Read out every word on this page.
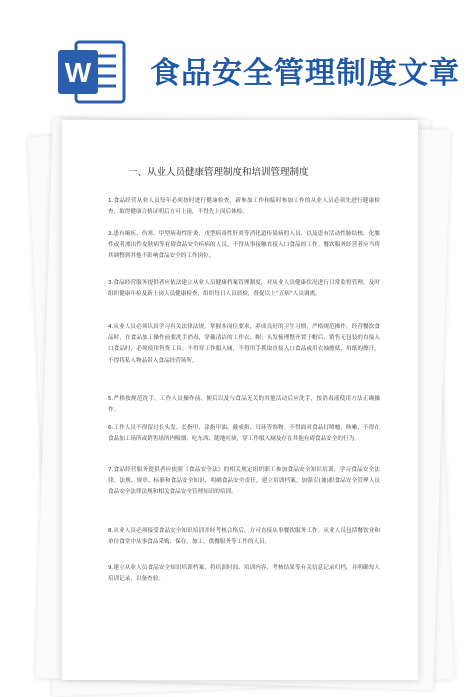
W 食品安全管理制度文章
一、从业人员健康管理制度和培训管理制度
1.食品经营从业人员每年必须按时进行健康检查，新参加工作和临时参加工作的从业人员必须先进行健康检查，取得健康合格证明后方可上岗，不得先上岗后体检。
2.患有痢疾、伤寒、甲型病毒性肝炎、戊型病毒性肝炎等消化道传染病的人员，以及患有活动性肺结核、化脓性或者渗出性皮肤病等有碍食品安全疾病的人员，不得从事接触直接入口食品的工作。餐饮服务经营者应当将其调整到其他不影响食品安全的工作岗位。
3.食品经营服务提供者应依法建立从业人员健康档案管理制度，对从业人员健康状况进行日常监督管理，及时组织健康年检及新上岗人员健康检查，组织每日人员晨检，督促以上“五病”人员调离。
4.从业人员必须认真学习有关法律法规，掌握本岗位要求，养成良好的卫生习惯，严格规范操作。经营餐饮食品时，在食品加工操作前要洗手消毒，穿戴清洁的工作衣、帽；头发梳理整齐置于帽后，销售无包装的直接入口食品时，必须使用售货工具；不得穿工作服入厕，不得用手抓取直接入口食品或用衣袖擦拭，用纸的擦汗，不得将私人物品带入食品经营场所。
5.严格按规范洗手，工作人员操作前、便后以及与食品无关的其他活动后应洗手，按消毒液使用方法正确操作。
6.工作人员不得留过长头发、长指甲、涂指甲油、戴戒指、耳环等饰物。不得面对食品打喷嚏、咳嗽，不得在食品加工场所或销售场所内吸烟、吃东西、随地吐痰，穿工作服入厕及存在其他有碍食品安全的行为。
7.食品经营服务提供者应依照《食品安全法》的相关规定组织职工参加食品安全知识培训，学习食品安全法律、法规、规章、标准和食品安全知识，明确食品安全责任，建立培训档案。加强专(兼)职食品安全管理人员食品安全法律法规和相关食品安全管理知识的培训。
8.从业人员必须接受食品安全知识培训并经考核合格后，方可直接从事餐饮服务工作。从业人员包括餐饮业和单位食堂中从事食品采购、保存、加工、供餐服务等工作的人员。
9.建立从业人员食品安全知识培训档案，将培训时间、培训内容、考核结果等有关信息记录归档，并明确每人培训记录，以备查验。
